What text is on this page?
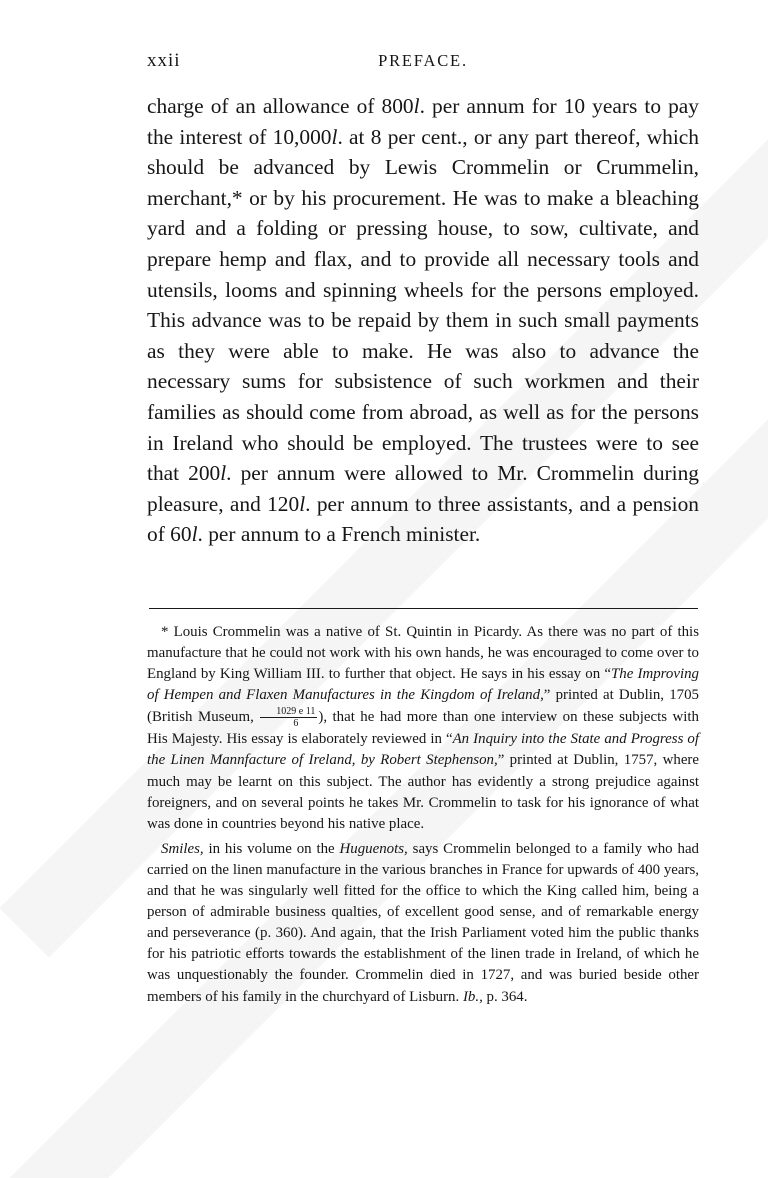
xxii	PREFACE.

charge of an allowance of 800l. per annum for 10 years to pay the interest of 10,000l. at 8 per cent., or any part thereof, which should be advanced by Lewis Crommelin or Crummelin, merchant,* or by his procurement. He was to make a bleaching yard and a folding or pressing house, to sow, cultivate, and prepare hemp and flax, and to provide all necessary tools and utensils, looms and spinning wheels for the persons employed. This advance was to be repaid by them in such small payments as they were able to make. He was also to advance the necessary sums for subsistence of such workmen and their families as should come from abroad, as well as for the persons in Ireland who should be employed. The trustees were to see that 200l. per annum were allowed to Mr. Crommelin during pleasure, and 120l. per annum to three assistants, and a pension of 60l. per annum to a French minister.

* Louis Crommelin was a native of St. Quintin in Picardy. As there was no part of this manufacture that he could not work with his own hands, he was encouraged to come over to England by King William III. to further that object. He says in his essay on “The Improving of Hempen and Flaxen Manufactures in the Kingdom of Ireland,” printed at Dublin, 1705 (British Museum, $\frac{1029 e 11}{6}$ ), that he had more than one interview on these subjects with His Majesty. His essay is elaborately reviewed in “An Inquiry into the State and Progress of the Linen Mannfacture of Ireland, by Robert Stephenson,” printed at Dublin, 1757, where much may be learnt on this subject. The author has evidently a strong prejudice against foreigners, and on several points he takes Mr. Crommelin to task for his ignorance of what was done in countries beyond his native place.

Smiles, in his volume on the Huguenots, says Crommelin belonged to a family who had carried on the linen manufacture in the various branches in France for upwards of 400 years, and that he was singularly well fitted for the office to which the King called him, being a person of admirable business qualties, of excellent good sense, and of remarkable energy and perseverance (p. 360). And again, that the Irish Parliament voted him the public thanks for his patriotic efforts towards the establishment of the linen trade in Ireland, of which he was unquestionably the founder. Crommelin died in 1727, and was buried beside other members of his family in the churchyard of Lisburn. Ib., p. 364.
